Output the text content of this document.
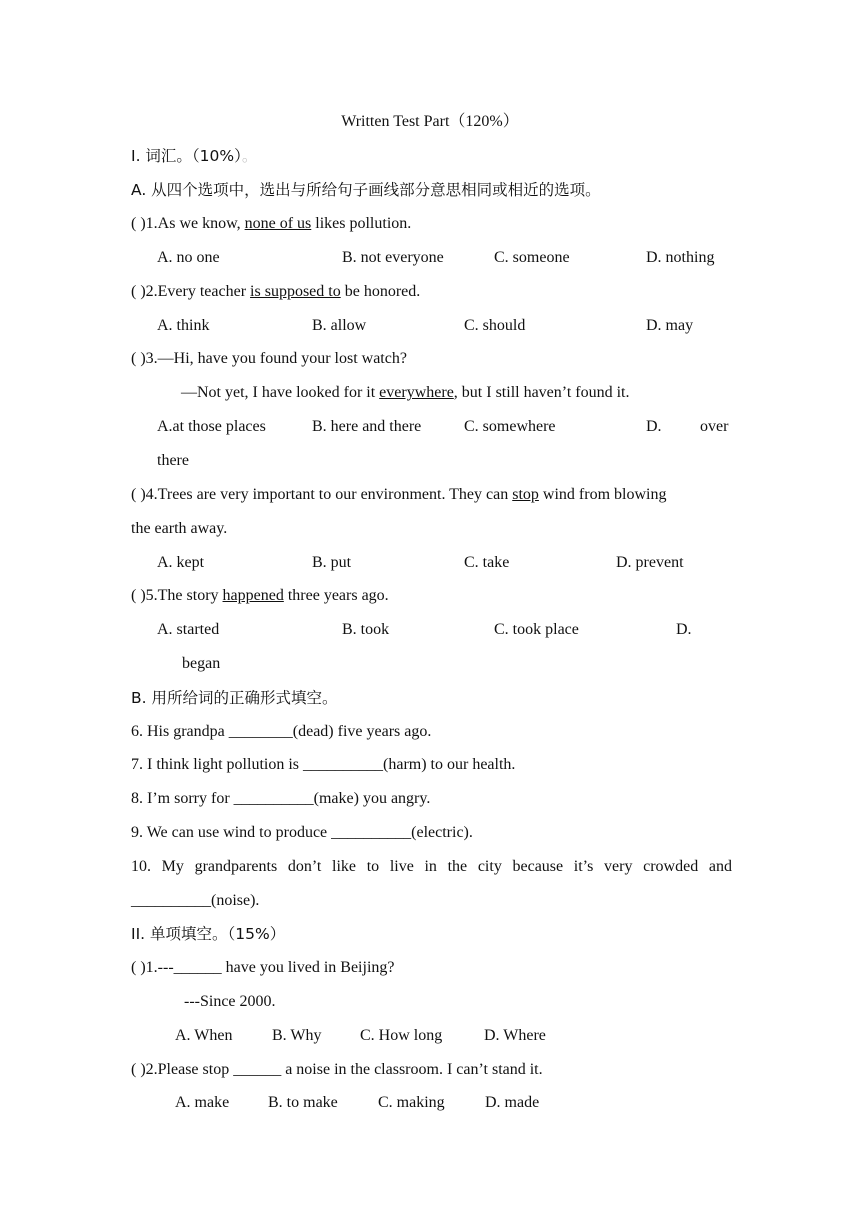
Written Test Part（120%）
I. 词汇。（10%）。
A. 从四个选项中，选出与所给句子画线部分意思相同或相近的选项。
( )1.As we know, none of us likes pollution.
A. no one	B. not everyone	C. someone	D. nothing
( )2.Every teacher is supposed to be honored.
A. think	B. allow	C. should	D. may
( )3.—Hi, have you found your lost watch?
—Not yet, I have looked for it everywhere, but I still haven’t found it.
A.at those places	B. here and there	C. somewhere	D. over
there
( )4.Trees are very important to our environment. They can stop wind from blowing
the earth away.
A. kept	B. put	C. take	D. prevent
( )5.The story happened three years ago.
A. started	B. took	C. took place	D.
began
B. 用所给词的正确形式填空。
6. His grandpa ________(dead) five years ago.
7. I think light pollution is __________(harm) to our health.
8. I’m sorry for __________(make) you angry.
9. We can use wind to produce __________(electric).
10. My grandparents don’t like to live in the city because it’s very crowded and
__________(noise).
II. 单项填空。（15%）
( )1.---______ have you lived in Beijing?
---Since 2000.
A. When B. Why C. How long	D. Where
( )2.Please stop ______ a noise in the classroom. I can’t stand it.
A. make B. to make	C. making	D. made
